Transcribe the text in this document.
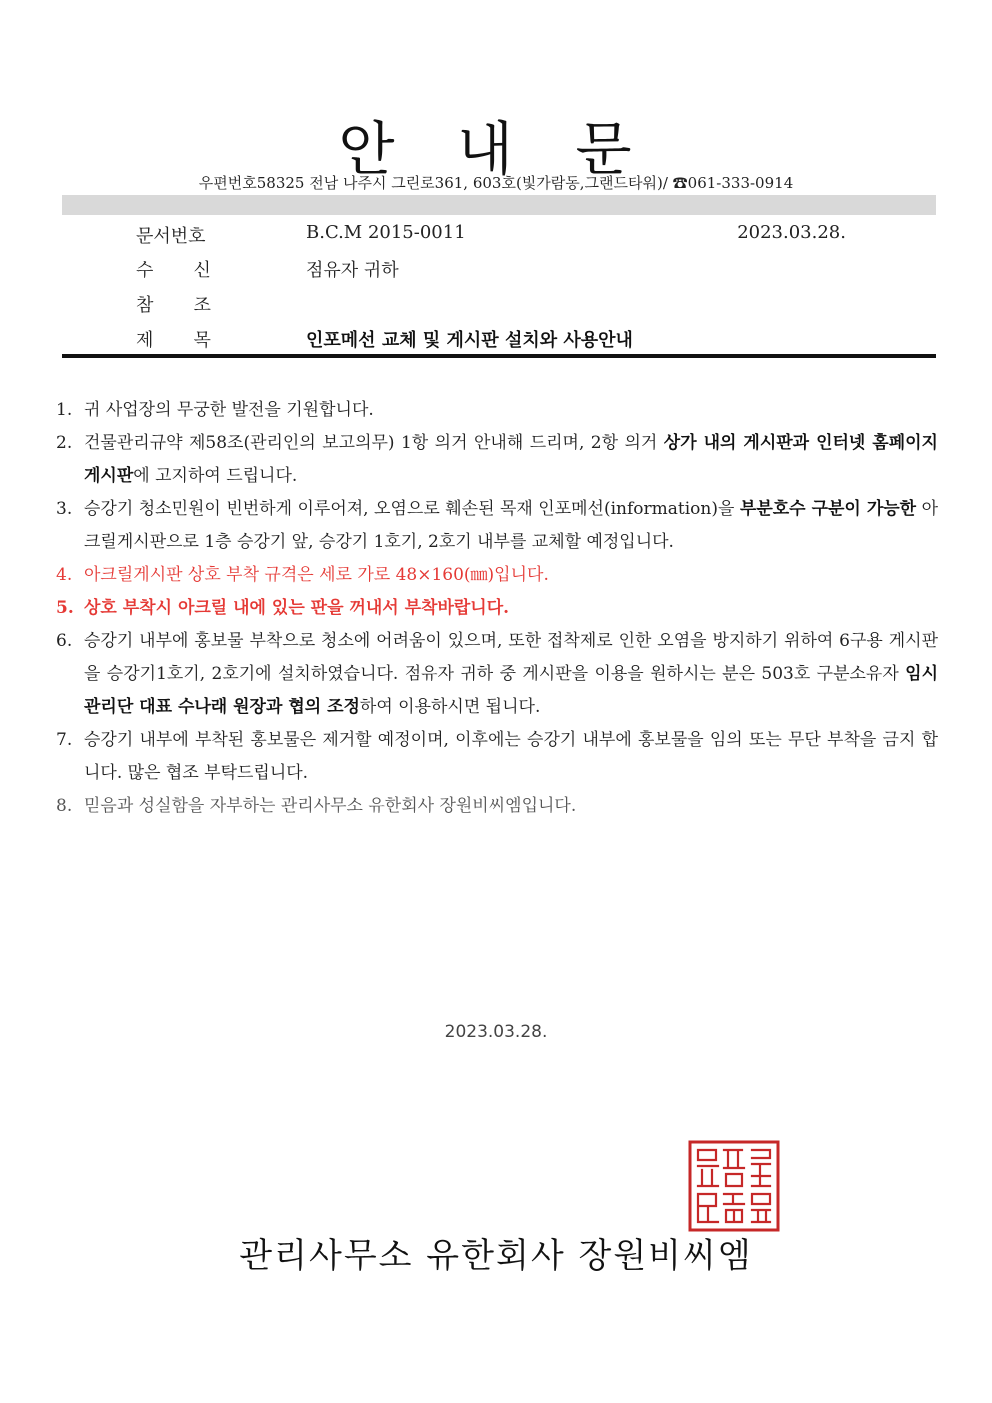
안 내 문
우편번호58325 전남 나주시 그린로361, 603호(빛가람동,그랜드타워)/ ☎061-333-0914
문서번호	B.C.M 2015-0011	2023.03.28.
수       신	점유자 귀하
참       조
제       목	인포메선 교체 및 게시판 설치와 사용안내
1. 귀 사업장의 무궁한 발전을 기원합니다.
2. 건물관리규약 제58조(관리인의 보고의무) 1항 의거 안내해 드리며, 2항 의거 상가 내의 게시판과 인터넷 홈페이지 게시판에 고지하여 드립니다.
3. 승강기 청소민원이 빈번하게 이루어져, 오염으로 훼손된 목재 인포메선(information)을 부분호수 구분이 가능한 아크릴게시판으로 1층 승강기 앞, 승강기 1호기, 2호기 내부를 교체할 예정입니다.
4. 아크릴게시판 상호 부착 규격은 세로 가로 48×160(㎜)입니다.
5. 상호 부착시 아크릴 내에 있는 판을 꺼내서 부착바랍니다.
6. 승강기 내부에 홍보물 부착으로 청소에 어려움이 있으며, 또한 접착제로 인한 오염을 방지하기 위하여 6구용 게시판을 승강기1호기, 2호기에 설치하였습니다. 점유자 귀하 중 게시판을 이용을 원하시는 분은 503호 구분소유자 임시 관리단 대표 수나래 원장과 협의 조정하여 이용하시면 됩니다.
7. 승강기 내부에 부착된 홍보물은 제거할 예정이며, 이후에는 승강기 내부에 홍보물을 임의 또는 무단 부착을 금지 합니다. 많은 협조 부탁드립니다.
8. 믿음과 성실함을 자부하는 관리사무소 유한회사 장원비씨엠입니다.
2023.03.28.
관리사무소 유한회사 장원비씨엠
